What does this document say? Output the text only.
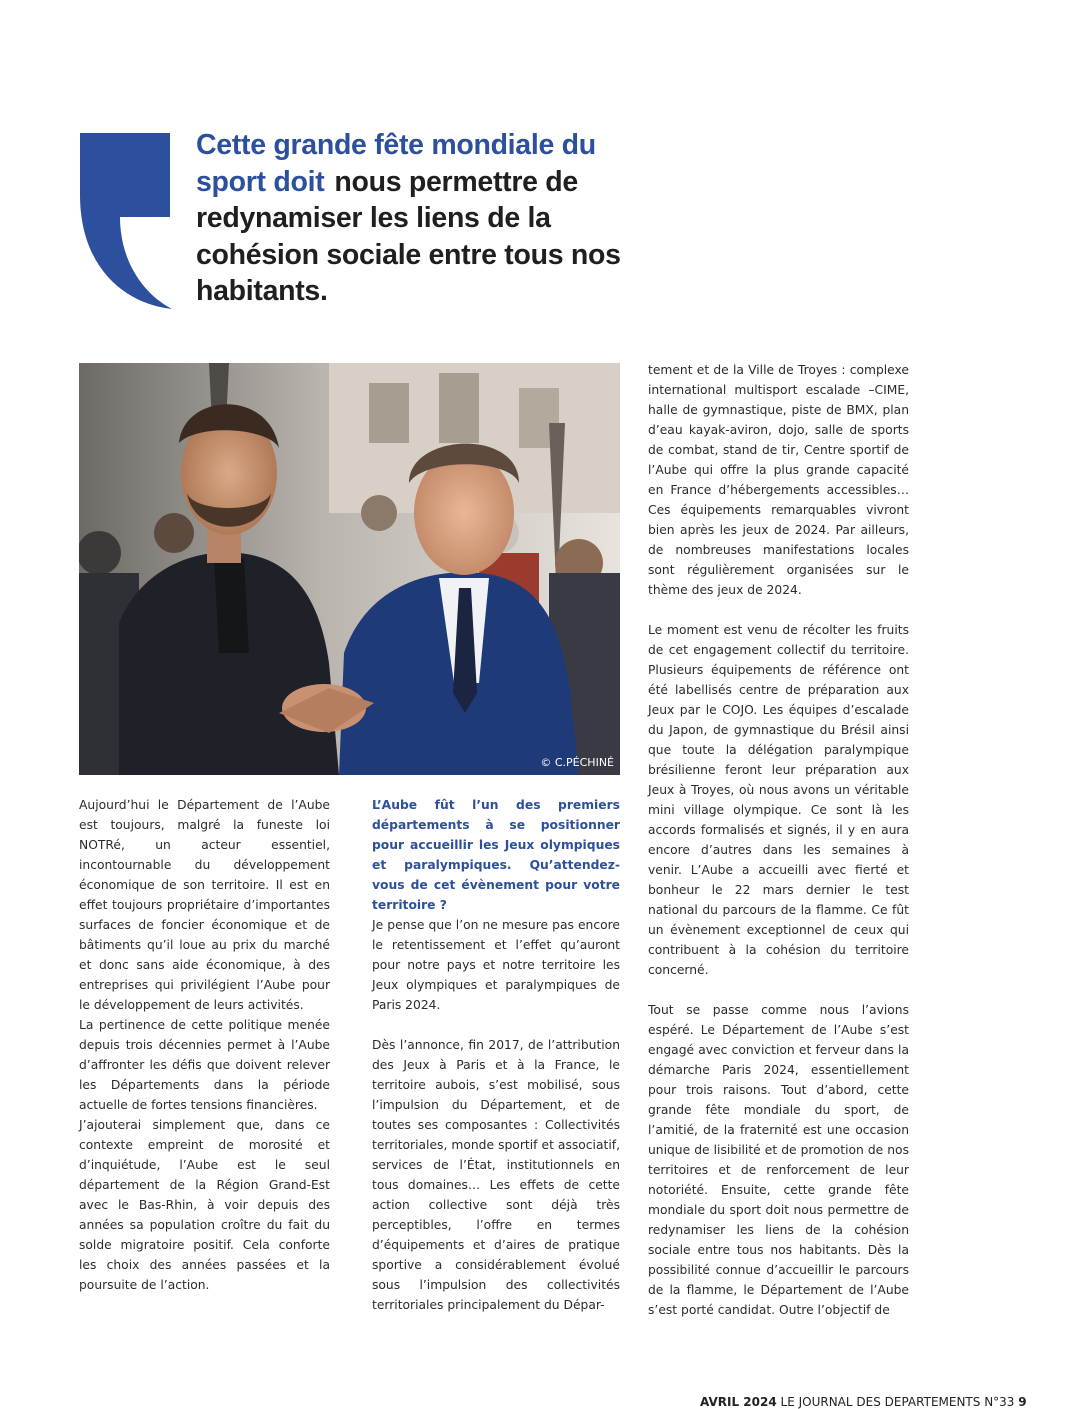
Cette grande fête mondiale du sport doit nous permettre de redynamiser les liens de la cohésion sociale entre tous nos habitants.
© C.PÉCHINÉ

Aujourd’hui le Département de l’Aube est toujours, malgré la funeste loi NOTRé, un acteur essentiel, incontournable du développement économique de son territoire. Il est en effet toujours propriétaire d’importantes surfaces de foncier économique et de bâtiments qu’il loue au prix du marché et donc sans aide économique, à des entreprises qui privilégient l’Aube pour le développement de leurs activités.

La pertinence de cette politique menée depuis trois décennies permet à l’Aube d’affronter les défis que doivent relever les Départements dans la période actuelle de fortes tensions financières.

J’ajouterai simplement que, dans ce contexte empreint de morosité et d’inquiétude, l’Aube est le seul département de la Région Grand-Est avec le Bas-Rhin, à voir depuis des années sa population croître du fait du solde migratoire positif. Cela conforte les choix des années passées et la poursuite de l’action.

L’Aube fût l’un des premiers départements à se positionner pour accueillir les Jeux olympiques et paralympiques. Qu’attendez- vous de cet évènement pour votre territoire ?

Je pense que l’on ne mesure pas encore le retentissement et l’effet qu’auront pour notre pays et notre territoire les Jeux olympiques et paralympiques de Paris 2024.

Dès l’annonce, fin 2017, de l’attribution des Jeux à Paris et à la France, le territoire aubois, s’est mobilisé, sous l’impulsion du Département, et de toutes ses composantes : Collectivités territoriales, monde sportif et associatif, services de l’État, institutionnels en tous domaines… Les effets de cette action collective sont déjà très perceptibles, l’offre en termes d’équipements et d’aires de pratique sportive a considérablement évolué sous l’impulsion des collectivités territoriales principalement du Dépar-

tement et de la Ville de Troyes : complexe international multisport escalade –CIME, halle de gymnastique, piste de BMX, plan d’eau kayak-aviron, dojo, salle de sports de combat, stand de tir, Centre sportif de l’Aube qui offre la plus grande capacité en France d’hébergements accessibles… Ces équipements remarquables vivront bien après les jeux de 2024. Par ailleurs, de nombreuses manifestations locales sont régulièrement organisées sur le thème des jeux de 2024.

Le moment est venu de récolter les fruits de cet engagement collectif du territoire. Plusieurs équipements de référence ont été labellisés centre de préparation aux Jeux par le COJO. Les équipes d’escalade du Japon, de gymnastique du Brésil ainsi que toute la délégation paralympique brésilienne feront leur préparation aux Jeux à Troyes, où nous avons un véritable mini village olympique. Ce sont là les accords formalisés et signés, il y en aura encore d’autres dans les semaines à venir. L’Aube a accueilli avec fierté et bonheur le 22 mars dernier le test national du parcours de la flamme. Ce fût un évènement exceptionnel de ceux qui contribuent à la cohésion du territoire concerné.

Tout se passe comme nous l’avions espéré. Le Département de l’Aube s’est engagé avec conviction et ferveur dans la démarche Paris 2024, essentiellement pour trois raisons. Tout d’abord, cette grande fête mondiale du sport, de l’amitié, de la fraternité est une occasion unique de lisibilité et de promotion de nos territoires et de renforcement de leur notoriété. Ensuite, cette grande fête mondiale du sport doit nous permettre de redynamiser les liens de la cohésion sociale entre tous nos habitants. Dès la possibilité connue d’accueillir le parcours de la flamme, le Département de l’Aube s’est porté candidat. Outre l’objectif de

AVRIL 2024 LE JOURNAL DES DEPARTEMENTS N°33 9
